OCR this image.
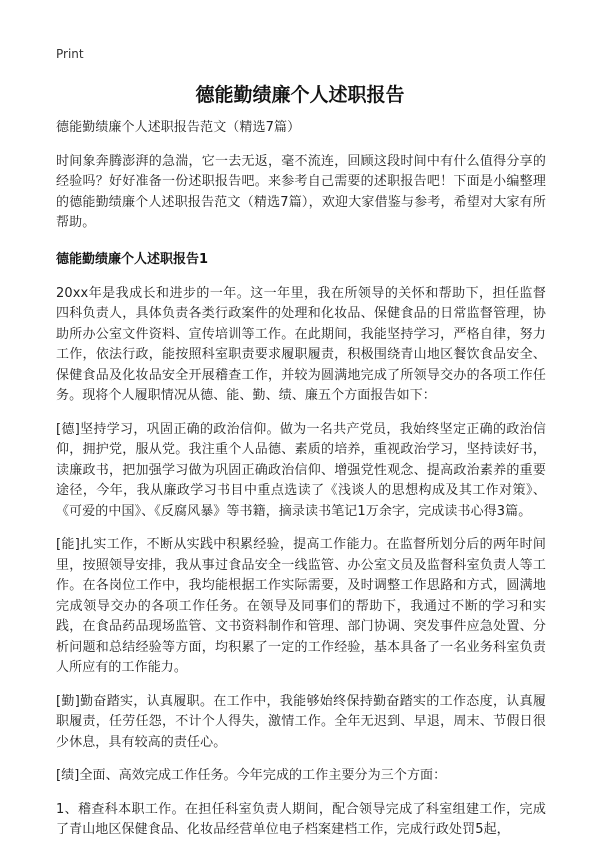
Print
德能勤绩廉个人述职报告

德能勤绩廉个人述职报告范文（精选7篇）

时间象奔腾澎湃的急湍，它一去无返，毫不流连，回顾这段时间中有什么值得分享的经验吗？好好准备一份述职报告吧。来参考自己需要的述职报告吧！下面是小编整理的德能勤绩廉个人述职报告范文（精选7篇），欢迎大家借鉴与参考，希望对大家有所帮助。

德能勤绩廉个人述职报告1

20xx年是我成长和进步的一年。这一年里，我在所领导的关怀和帮助下，担任监督四科负责人，具体负责各类行政案件的处理和化妆品、保健食品的日常监督管理，协助所办公室文件资料、宣传培训等工作。在此期间，我能坚持学习，严格自律，努力工作，依法行政，能按照科室职责要求履职履责，积极围绕青山地区餐饮食品安全、保健食品及化妆品安全开展稽查工作，并较为圆满地完成了所领导交办的各项工作任务。现将个人履职情况从德、能、勤、绩、廉五个方面报告如下：

[德]坚持学习，巩固正确的政治信仰。做为一名共产党员，我始终坚定正确的政治信仰，拥护党，服从党。我注重个人品德、素质的培养，重视政治学习，坚持读好书，读廉政书，把加强学习做为巩固正确政治信仰、增强党性观念、提高政治素养的重要途径，今年，我从廉政学习书目中重点选读了《浅谈人的思想构成及其工作对策》、《可爱的中国》、《反腐风暴》等书籍，摘录读书笔记1万余字，完成读书心得3篇。

[能]扎实工作，不断从实践中积累经验，提高工作能力。在监督所划分后的两年时间里，按照领导安排，我从事过食品安全一线监管、办公室文员及监督科室负责人等工作。在各岗位工作中，我均能根据工作实际需要，及时调整工作思路和方式，圆满地完成领导交办的各项工作任务。在领导及同事们的帮助下，我通过不断的学习和实践，在食品药品现场监管、文书资料制作和管理、部门协调、突发事件应急处置、分析问题和总结经验等方面，均积累了一定的工作经验，基本具备了一名业务科室负责人所应有的工作能力。

[勤]勤奋踏实，认真履职。在工作中，我能够始终保持勤奋踏实的工作态度，认真履职履责，任劳任怨，不计个人得失，激情工作。全年无迟到、早退，周末、节假日很少休息，具有较高的责任心。

[绩]全面、高效完成工作任务。今年完成的工作主要分为三个方面：

1、稽查科本职工作。在担任科室负责人期间，配合领导完成了科室组建工作，完成了青山地区保健食品、化妆品经营单位电子档案建档工作，完成行政处罚5起，
